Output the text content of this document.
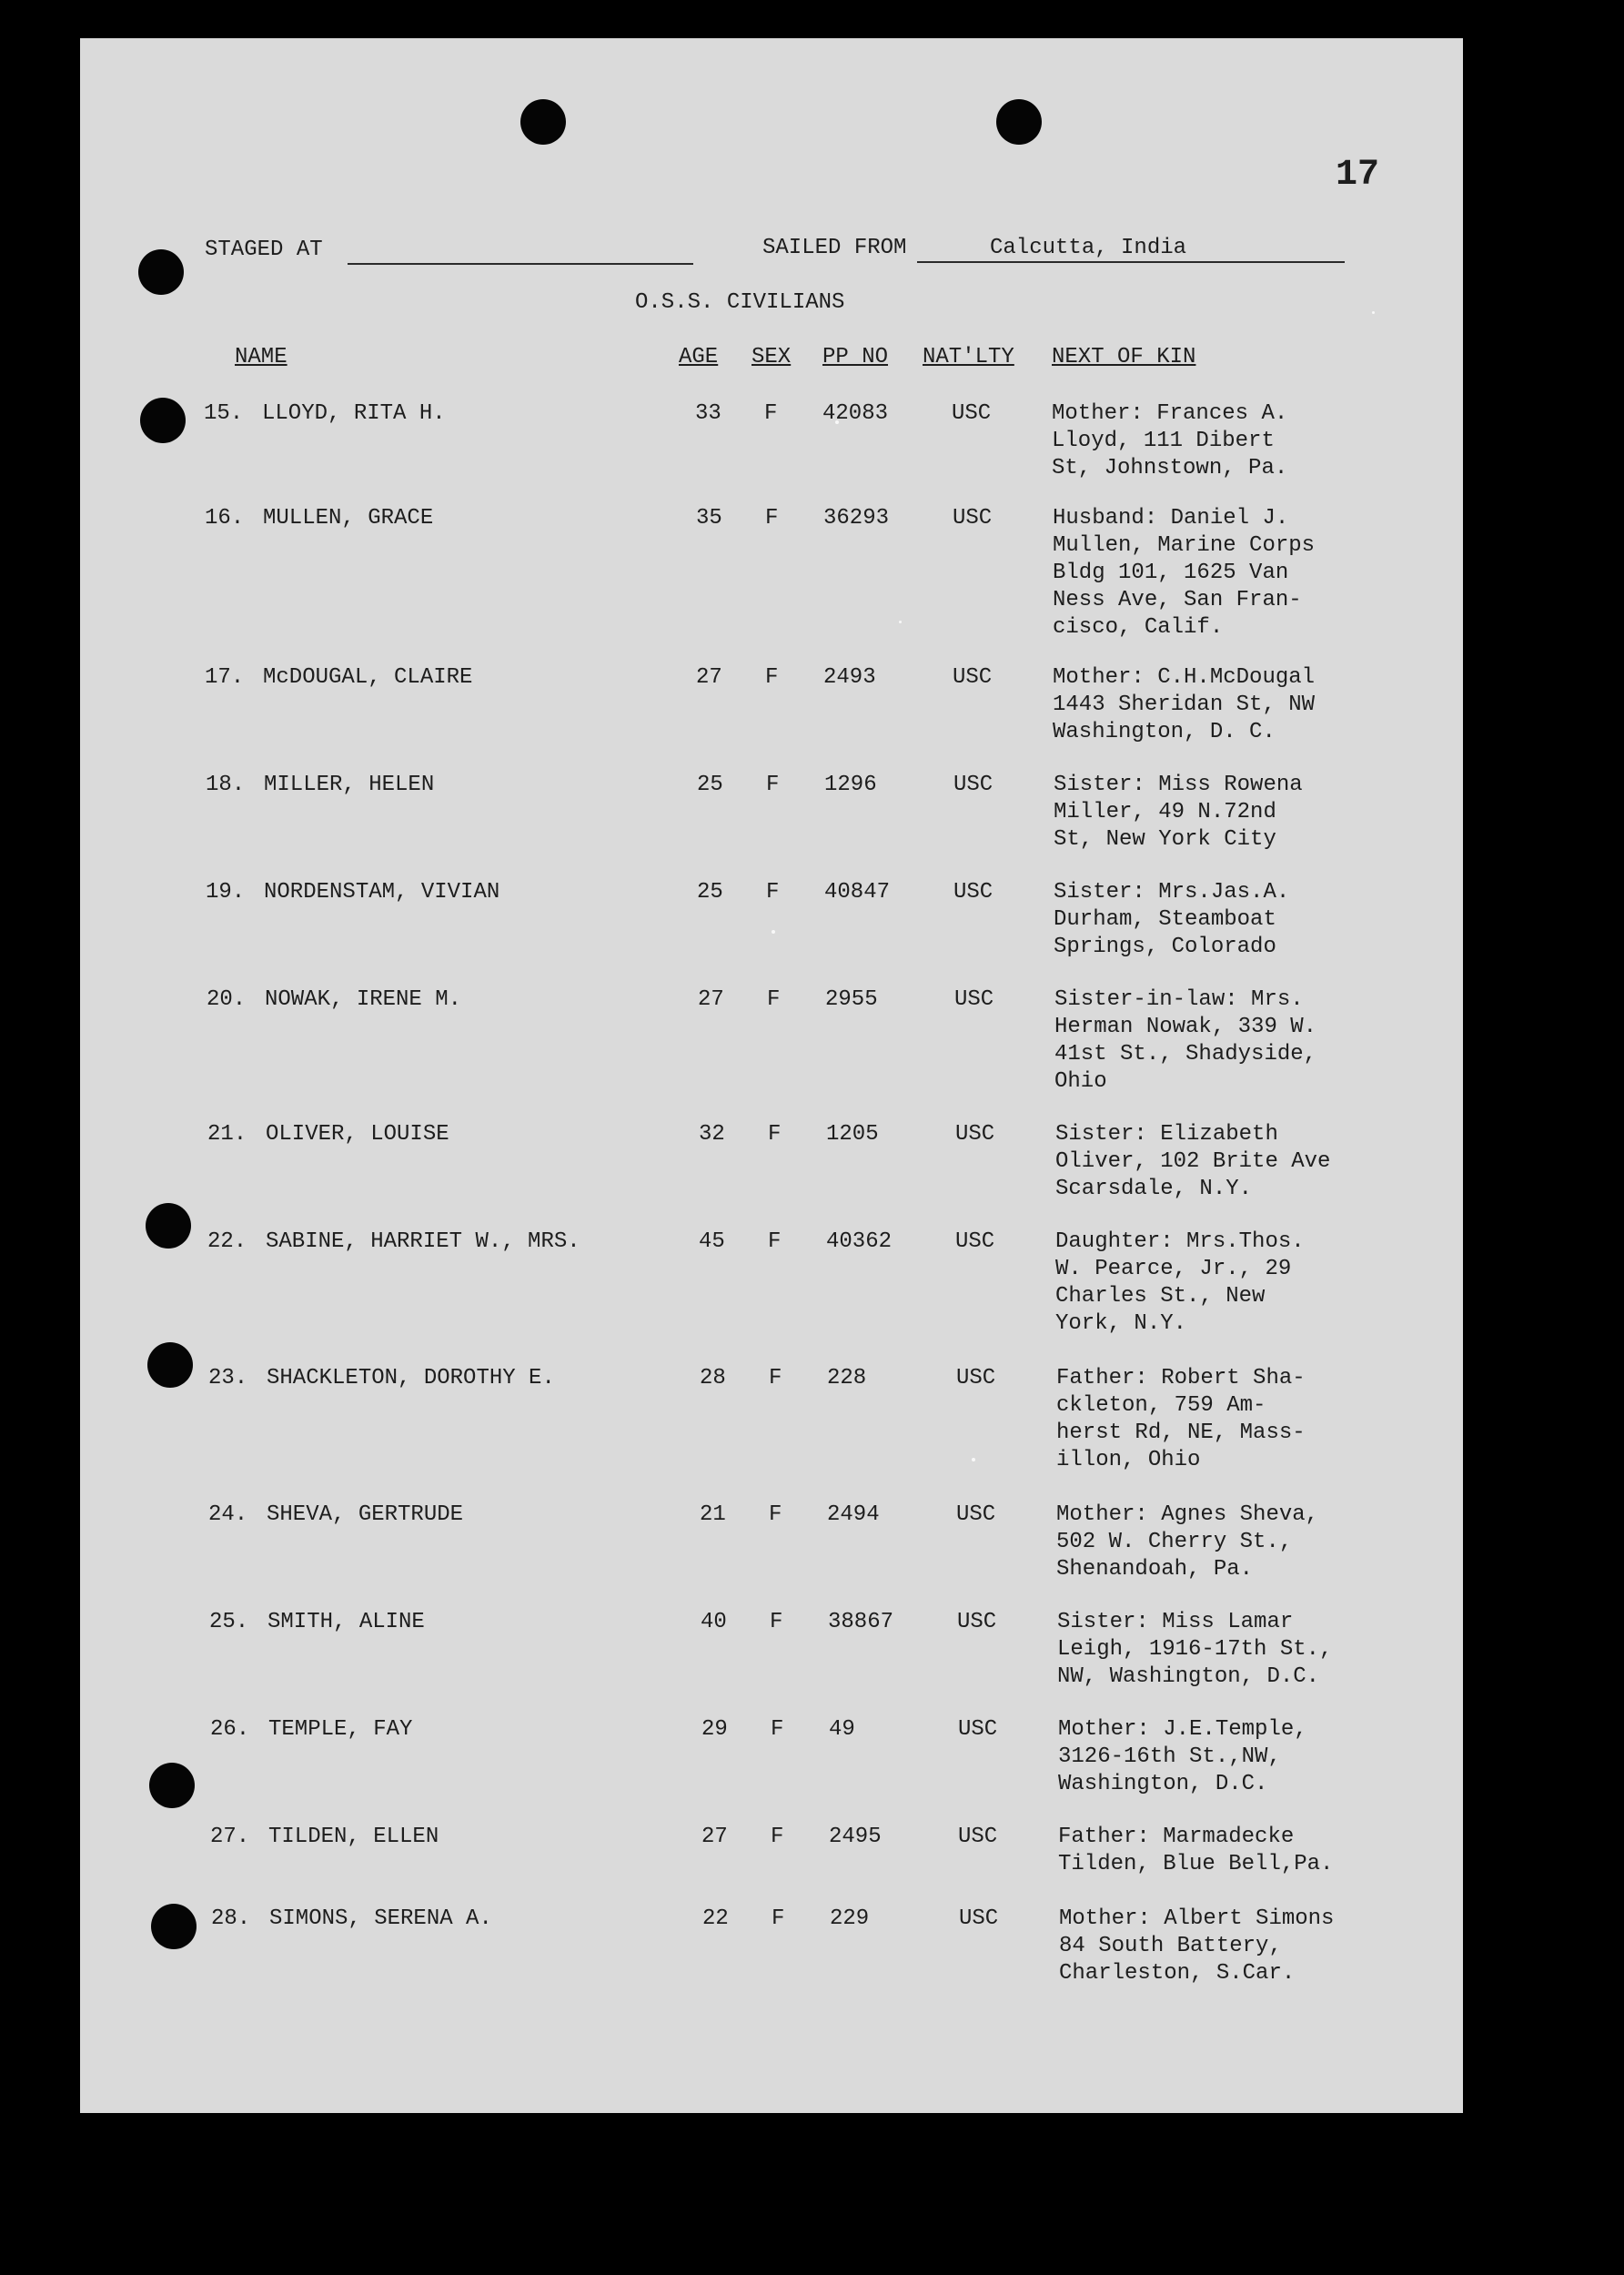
17
STAGED AT	SAILED FROM	Calcutta, India
O.S.S. CIVILIANS
NAME	AGE SEX PP NO NAT'LTY NEXT OF KIN
15. LLOYD, RITA H.	33 F 42083	USC	Mother: Frances A.
Lloyd, 111 Dibert
St, Johnstown, Pa.
16. MULLEN, GRACE	35 F 36293	USC	Husband: Daniel J.
Mullen, Marine Corps
Bldg 101, 1625 Van
Ness Ave, San Fran-
cisco, Calif.
17. McDOUGAL, CLAIRE	27 F 2493	USC	Mother: C.H.McDougal
1443 Sheridan St, NW
Washington, D. C.
18. MILLER, HELEN	25 F 1296	USC	Sister: Miss Rowena
Miller, 49 N.72nd
St, New York City
19. NORDENSTAM, VIVIAN	25 F 40847	USC	Sister: Mrs.Jas.A.
Durham, Steamboat
Springs, Colorado
20. NOWAK, IRENE M.	27 F 2955	USC	Sister-in-law: Mrs.
Herman Nowak, 339 W.
41st St., Shadyside,
Ohio
21. OLIVER, LOUISE	32 F 1205	USC	Sister: Elizabeth
Oliver, 102 Brite Ave
Scarsdale, N.Y.
22. SABINE, HARRIET W., MRS.	45 F 40362	USC	Daughter: Mrs.Thos.
W. Pearce, Jr., 29
Charles St., New
York, N.Y.
23. SHACKLETON, DOROTHY E.	28 F 228	USC	Father: Robert Sha-
ckleton, 759 Am-
herst Rd, NE, Mass-
illon, Ohio
24. SHEVA, GERTRUDE	21 F 2494	USC	Mother: Agnes Sheva,
502 W. Cherry St.,
Shenandoah, Pa.
25. SMITH, ALINE	40 F 38867	USC	Sister: Miss Lamar
Leigh, 1916-17th St.,
NW, Washington, D.C.
26. TEMPLE, FAY	29 F 49	USC	Mother: J.E.Temple,
3126-16th St.,NW,
Washington, D.C.
27. TILDEN, ELLEN	27 F 2495	USC	Father: Marmadecke
Tilden, Blue Bell,Pa.
28. SIMONS, SERENA A.	22 F 229	USC	Mother: Albert Simons
84 South Battery,
Charleston, S.Car.
